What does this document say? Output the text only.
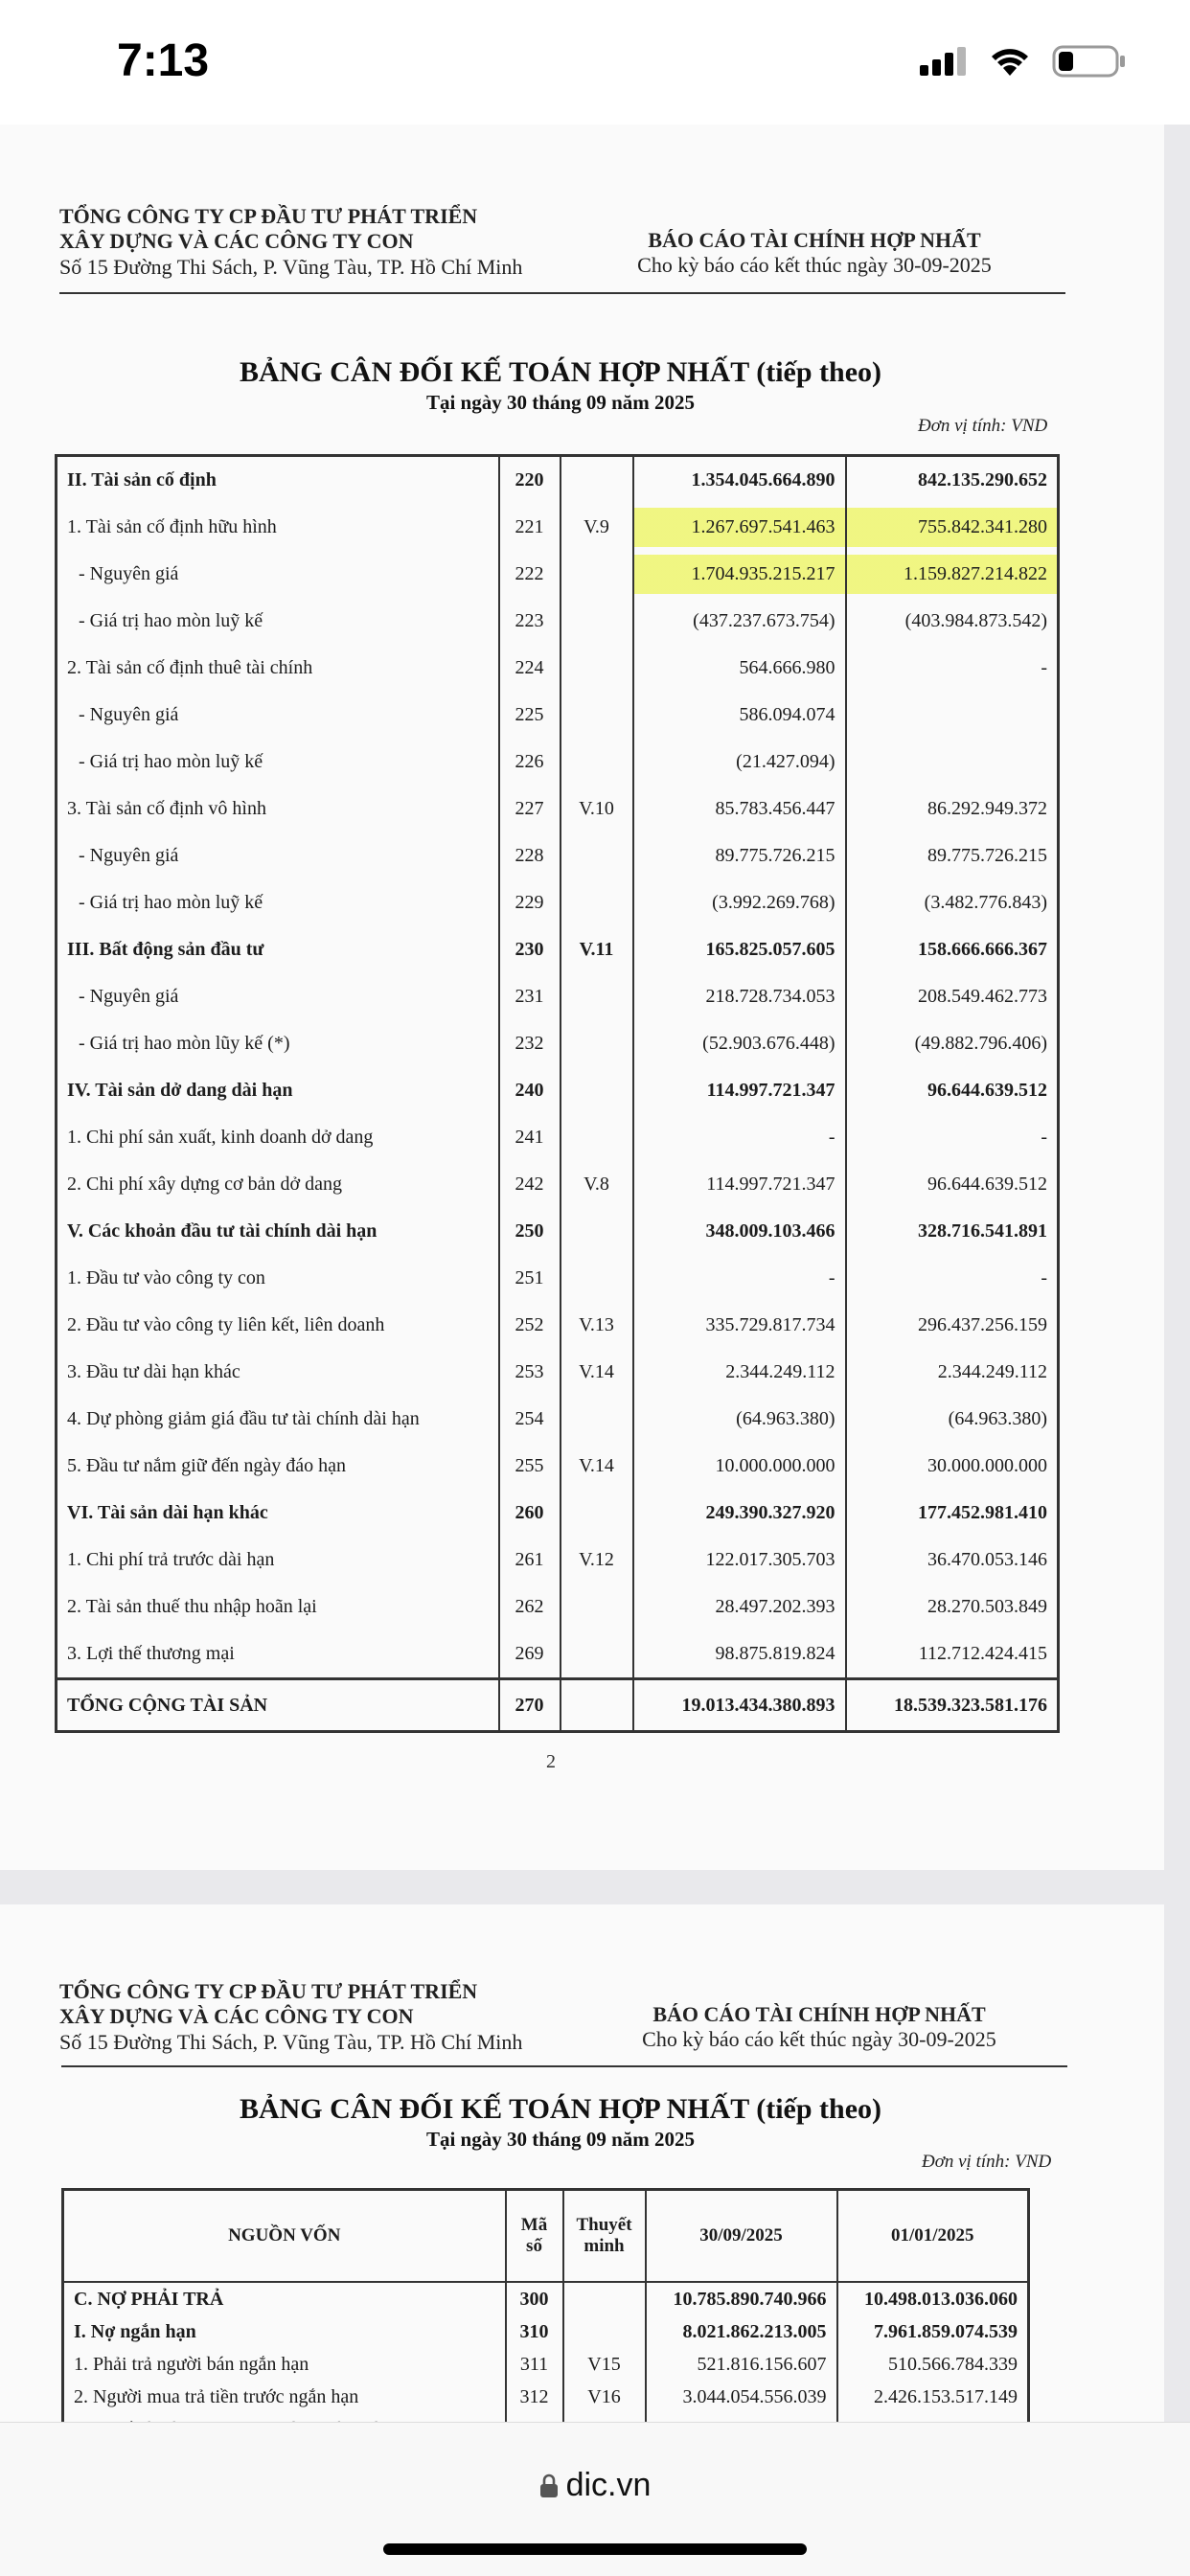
7:13
TỔNG CÔNG TY CP ĐẦU TƯ PHÁT TRIỂN
XÂY DỰNG VÀ CÁC CÔNG TY CON
Số 15 Đường Thi Sách, P. Vũng Tàu, TP. Hồ Chí Minh
BÁO CÁO TÀI CHÍNH HỢP NHẤT
Cho kỳ báo cáo kết thúc ngày 30-09-2025
BẢNG CÂN ĐỐI KẾ TOÁN HỢP NHẤT (tiếp theo)
Tại ngày 30 tháng 09 năm 2025
Đơn vị tính: VND
II. Tài sản cố định	220		1.354.045.664.890	842.135.290.652
1. Tài sản cố định hữu hình	221	V.9	1.267.697.541.463	755.842.341.280
- Nguyên giá	222		1.704.935.215.217	1.159.827.214.822
- Giá trị hao mòn luỹ kế	223		(437.237.673.754)	(403.984.873.542)
2. Tài sản cố định thuê tài chính	224		564.666.980	-
- Nguyên giá	225		586.094.074	
- Giá trị hao mòn luỹ kế	226		(21.427.094)	
3. Tài sản cố định vô hình	227	V.10	85.783.456.447	86.292.949.372
- Nguyên giá	228		89.775.726.215	89.775.726.215
- Giá trị hao mòn luỹ kế	229		(3.992.269.768)	(3.482.776.843)
III. Bất động sản đầu tư	230	V.11	165.825.057.605	158.666.666.367
- Nguyên giá	231		218.728.734.053	208.549.462.773
- Giá trị hao mòn lũy kế (*)	232		(52.903.676.448)	(49.882.796.406)
IV. Tài sản dở dang dài hạn	240		114.997.721.347	96.644.639.512
1. Chi phí sản xuất, kinh doanh dở dang	241		-	-
2. Chi phí xây dựng cơ bản dở dang	242	V.8	114.997.721.347	96.644.639.512
V. Các khoản đầu tư tài chính dài hạn	250		348.009.103.466	328.716.541.891
1. Đầu tư vào công ty con	251		-	-
2. Đầu tư vào công ty liên kết, liên doanh	252	V.13	335.729.817.734	296.437.256.159
3. Đầu tư dài hạn khác	253	V.14	2.344.249.112	2.344.249.112
4. Dự phòng giảm giá đầu tư tài chính dài hạn	254		(64.963.380)	(64.963.380)
5. Đầu tư nắm giữ đến ngày đáo hạn	255	V.14	10.000.000.000	30.000.000.000
VI. Tài sản dài hạn khác	260		249.390.327.920	177.452.981.410
1. Chi phí trả trước dài hạn	261	V.12	122.017.305.703	36.470.053.146
2. Tài sản thuế thu nhập hoãn lại	262		28.497.202.393	28.270.503.849
3. Lợi thế thương mại	269		98.875.819.824	112.712.424.415
TỔNG CỘNG TÀI SẢN	270		19.013.434.380.893	18.539.323.581.176
2
TỔNG CÔNG TY CP ĐẦU TƯ PHÁT TRIỂN
XÂY DỰNG VÀ CÁC CÔNG TY CON
Số 15 Đường Thi Sách, P. Vũng Tàu, TP. Hồ Chí Minh
BÁO CÁO TÀI CHÍNH HỢP NHẤT
Cho kỳ báo cáo kết thúc ngày 30-09-2025
BẢNG CÂN ĐỐI KẾ TOÁN HỢP NHẤT (tiếp theo)
Tại ngày 30 tháng 09 năm 2025
Đơn vị tính: VND
NGUỒN VỐN	Mã số	Thuyết minh	30/09/2025	01/01/2025
C. NỢ PHẢI TRẢ	300		10.785.890.740.966	10.498.013.036.060
I. Nợ ngắn hạn	310		8.021.862.213.005	7.961.859.074.539
1. Phải trả người bán ngắn hạn	311	V15	521.816.156.607	510.566.784.339
2. Người mua trả tiền trước ngắn hạn	312	V16	3.044.054.556.039	2.426.153.517.149

dic.vn
